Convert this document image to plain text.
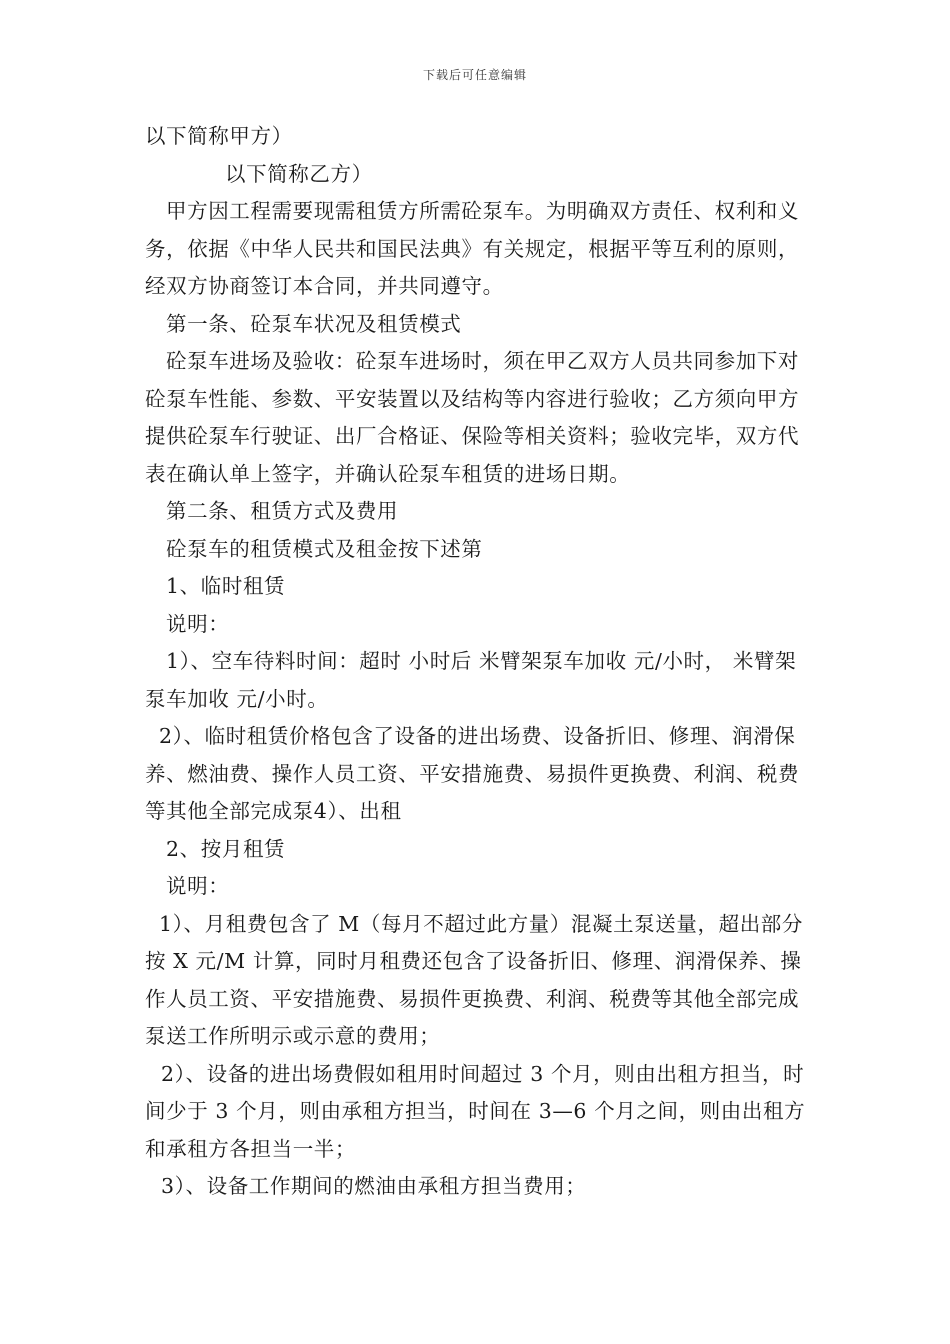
下载后可任意编辑

以下简称甲方）

以下简称乙方）

甲方因工程需要现需租赁方所需砼泵车。为明确双方责任、权利和义务，依据《中华人民共和国民法典》有关规定，根据平等互利的原则，经双方协商签订本合同，并共同遵守。

第一条、砼泵车状况及租赁模式

砼泵车进场及验收：砼泵车进场时，须在甲乙双方人员共同参加下对砼泵车性能、参数、平安装置以及结构等内容进行验收；乙方须向甲方提供砼泵车行驶证、出厂合格证、保险等相关资料；验收完毕，双方代表在确认单上签字，并确认砼泵车租赁的进场日期。

第二条、租赁方式及费用

砼泵车的租赁模式及租金按下述第

1、临时租赁

说明：

1）、空车待料时间：超时 小时后 米臂架泵车加收 元/小时， 米臂架泵车加收 元/小时。

2）、临时租赁价格包含了设备的进出场费、设备折旧、修理、润滑保养、燃油费、操作人员工资、平安措施费、易损件更换费、利润、税费等其他全部完成泵4）、出租

2、按月租赁

说明：

1）、月租费包含了 M（每月不超过此方量）混凝土泵送量，超出部分按 X 元/M 计算，同时月租费还包含了设备折旧、修理、润滑保养、操作人员工资、平安措施费、易损件更换费、利润、税费等其他全部完成泵送工作所明示或示意的费用；

2）、设备的进出场费假如租用时间超过 3 个月，则由出租方担当，时间少于 3 个月，则由承租方担当，时间在 3—6 个月之间，则由出租方和承租方各担当一半；

3）、设备工作期间的燃油由承租方担当费用；
